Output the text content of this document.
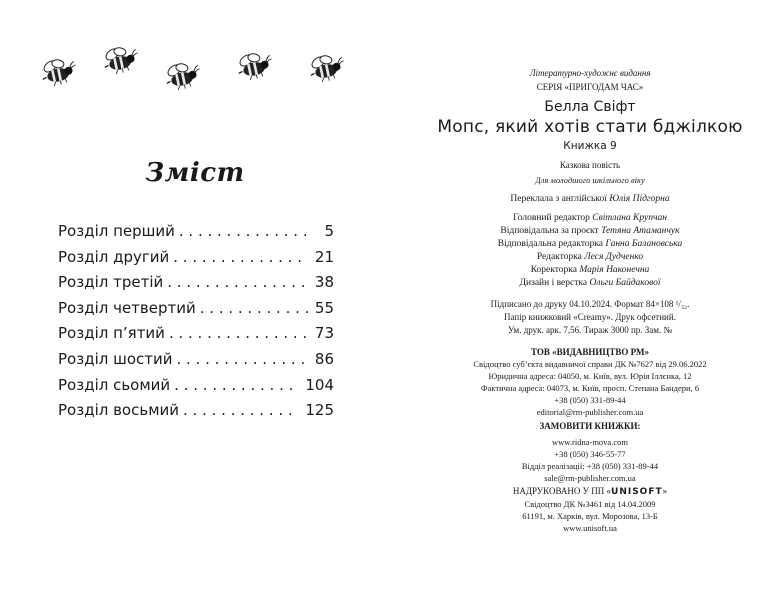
Зміст
Розділ перший . . .	5
Розділ другий . . .	21
Розділ третій . . .	38
Розділ четвертий . . .	55
Розділ п’ятий . . .	73
Розділ шостий . . .	86
Розділ сьомий . . .	104
Розділ восьмий . . .	125
Літературно-художнє видання
СЕРІЯ «ПРИГОДАМ ЧАС»
Белла Свіфт
Мопс, який хотів стати бджілкою
Книжка 9
Казкова повість
Для молодшого шкільного віку
Переклала з англійської Юлія Підгорна
Головний редактор Світлана Крупчан
Відповідальна за проєкт Тетяна Атаманчук
Відповідальна редакторка Ганна Балановська
Редакторка Леся Дудченко
Коректорка Марія Наконечна
Дизайн і верстка Ольги Байдакової
Підписано до друку 04.10.2024. Формат 84×108 ¹/₃₂.
Папір книжковий «Creamy». Друк офсетний.
Ум. друк. арк. 7,56. Тираж 3000 пр. Зам. №
ТОВ «ВИДАВНИЦТВО РМ»
Свідоцтво суб’єкта видавничої справи ДК №7627 від 29.06.2022
Юридична адреса: 04050, м. Київ, вул. Юрія Іллєнка, 12
Фактична адреса: 04073, м. Київ, просп. Степана Бандери, 6
+38 (050) 331-89-44
editorial@rm-publisher.com.ua
ЗАМОВИТИ КНИЖКИ:
www.ridna-mova.com
+38 (050) 346-55-77
Відділ реалізації: +38 (050) 331-89-44
sale@rm-publisher.com.ua
НАДРУКОВАНО У ПП «UNISOFT»
Свідоцтво ДК №3461 від 14.04.2009
61191, м. Харків, вул. Морозова, 13-Б
www.unisoft.ua
